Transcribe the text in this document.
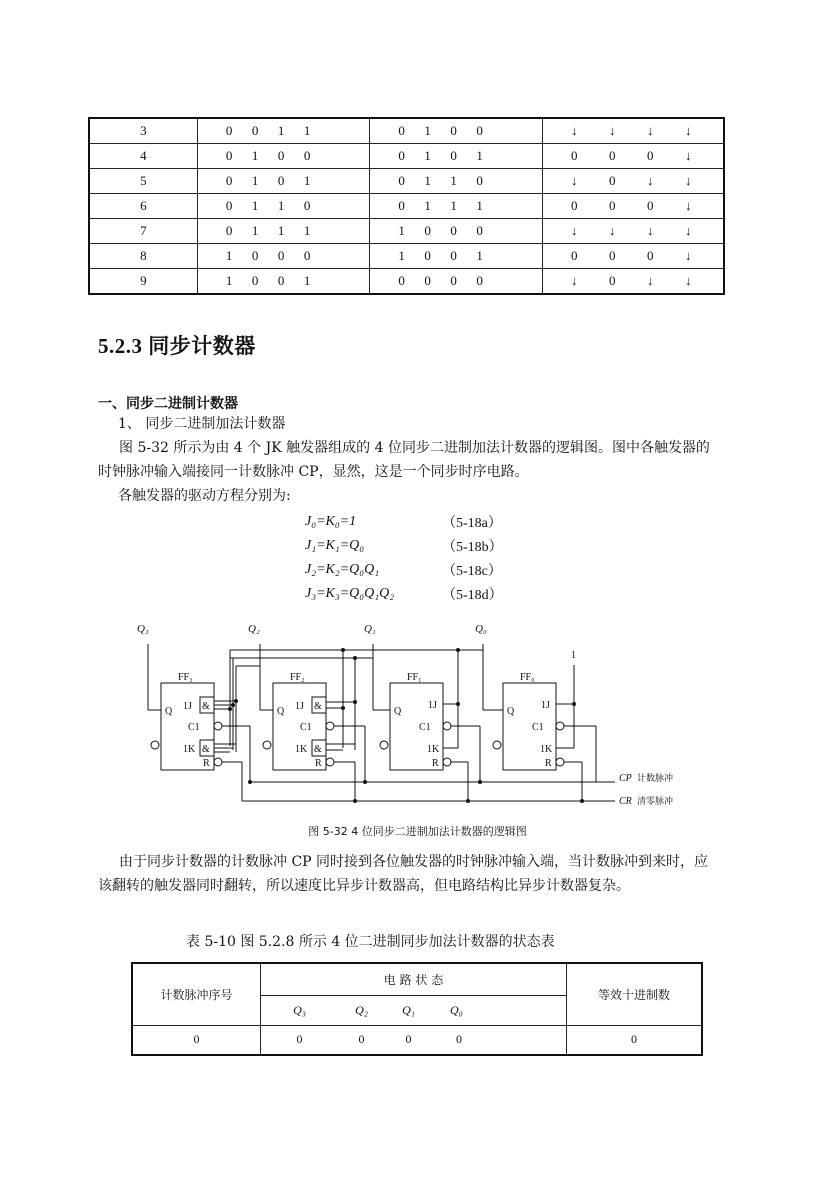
3	0 0 1 1	0 1 0 0	↓ ↓ ↓ ↓

4	0 1 0 0	0 1 0 1	0 0 0 ↓

5	0 1 0 1	0 1 1 0	↓ 0 ↓ ↓

6	0 1 1 0	0 1 1 1	0 0 0 ↓

7	0 1 1 1	1 0 0 0	↓ ↓ ↓ ↓

8	1 0 0 0	1 0 0 1	0 0 0 ↓

9	1 0 0 1	0 0 0 0	↓ 0 ↓ ↓
5.2.3 同步计数器
一、同步二进制计数器
1、 同步二进制加法计数器
图 5-32 所示为由 4 个 JK 触发器组成的 4 位同步二进制加法计数器的逻辑图。图中各触发器的时钟脉冲输入端接同一计数脉冲 CP，显然，这是一个同步时序电路。
各触发器的驱动方程分别为:
J₀=K₀=1	（5-18a）
J₁=K₁=Q₀	（5-18b）
J₂=K₂=Q₀Q₁	（5-18c）
J₃=K₃=Q₀Q₁Q₂	（5-18d）
Q₃	Q₂	Q₁	Q₀
FF₃	FF₂	FF₁	FF₀
1
Q 1J &
C1
1K &
R
Q 1J &
C1
1K &
R
Q
1J
C1
1K
R
Q
1J
C1
1K
R
CP 计数脉冲
CR 清零脉冲
图 5-32 4 位同步二进制加法计数器的逻辑图
由于同步计数器的计数脉冲 CP 同时接到各位触发器的时钟脉冲输入端，当计数脉冲到来时，应该翻转的触发器同时翻转，所以速度比异步计数器高，但电路结构比异步计数器复杂。
表 5-10 图 5.2.8 所示 4 位二进制同步加法计数器的状态表
计数脉冲序号	电 路 状 态				等效十进制数
	Q₃	Q₂	Q₁	Q₀	
0	0	0	0	0	0
